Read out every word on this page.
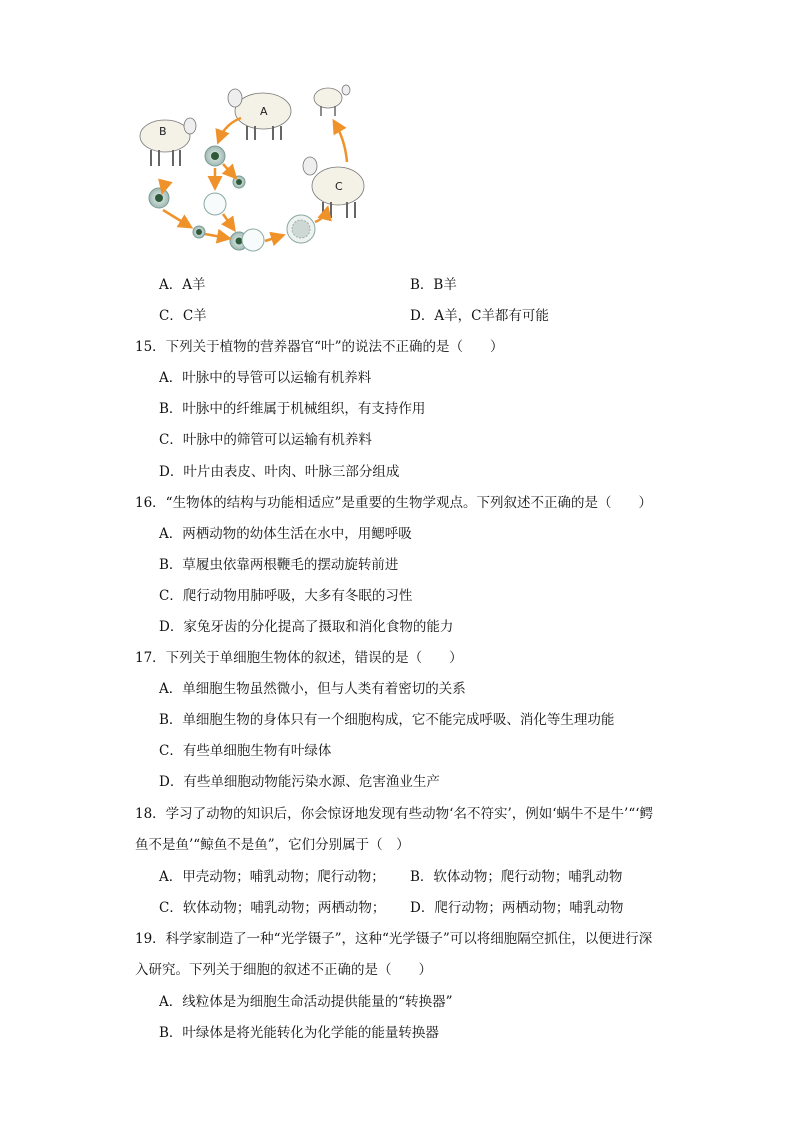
A
B
C
A．A羊	B．B羊
C．C羊	D．A羊，C羊都有可能
15．下列关于植物的营养器官“叶”的说法不正确的是（　　）
A．叶脉中的导管可以运输有机养料
B．叶脉中的纤维属于机械组织，有支持作用
C．叶脉中的筛管可以运输有机养料
D．叶片由表皮、叶肉、叶脉三部分组成
16．“生物体的结构与功能相适应”是重要的生物学观点。下列叙述不正确的是（　　）
A．两栖动物的幼体生活在水中，用鳃呼吸
B．草履虫依靠两根鞭毛的摆动旋转前进
C．爬行动物用肺呼吸，大多有冬眠的习性
D．家兔牙齿的分化提高了摄取和消化食物的能力
17．下列关于单细胞生物体的叙述，错误的是（　　）
A．单细胞生物虽然微小，但与人类有着密切的关系
B．单细胞生物的身体只有一个细胞构成，它不能完成呼吸、消化等生理功能
C．有些单细胞生物有叶绿体
D．有些单细胞动物能污染水源、危害渔业生产
18．学习了动物的知识后，你会惊讶地发现有些动物‘名不符实’，例如‘蜗牛不是牛’“‘鳄
鱼不是鱼’“鲸鱼不是鱼”，它们分别属于（　）
A．甲壳动物；哺乳动物；爬行动物； B．软体动物；爬行动物；哺乳动物
C．软体动物；哺乳动物；两栖动物； D．爬行动物；两栖动物；哺乳动物
19．科学家制造了一种“光学镊子”，这种“光学镊子”可以将细胞隔空抓住，以便进行深
入研究。下列关于细胞的叙述不正确的是（　　）
A．线粒体是为细胞生命活动提供能量的“转换器”
B．叶绿体是将光能转化为化学能的能量转换器
